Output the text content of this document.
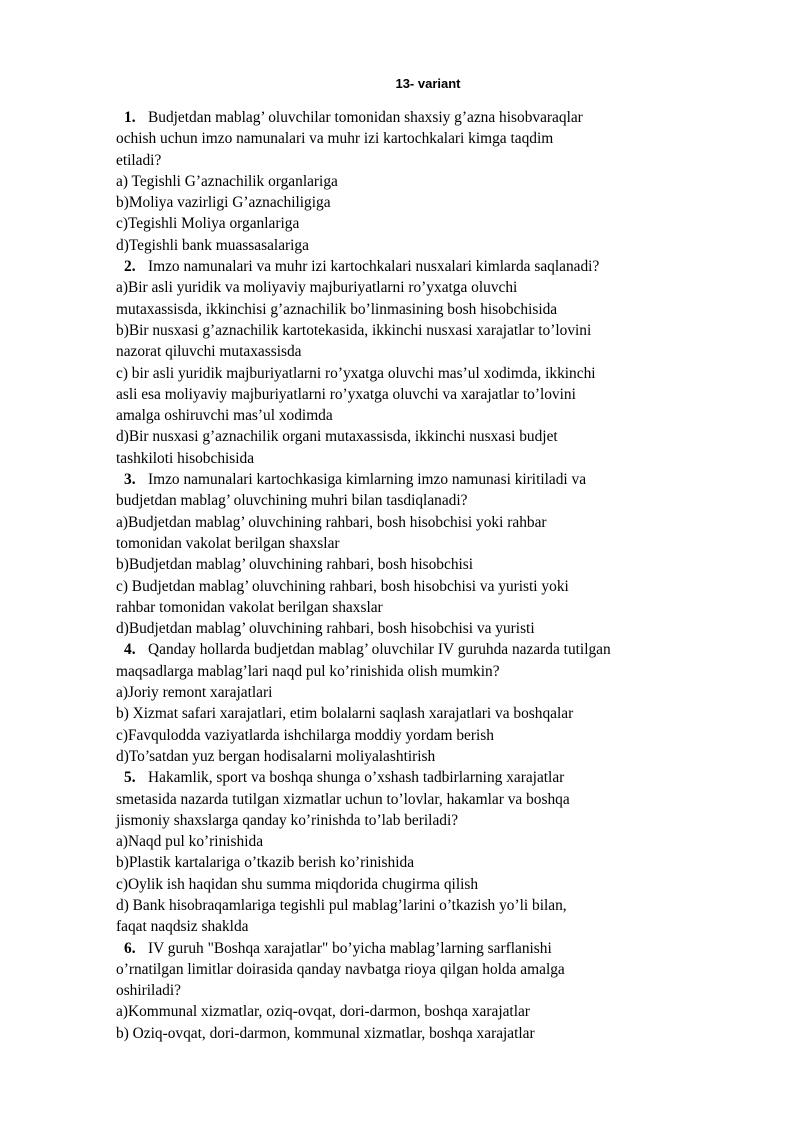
13- variant
1. Budjetdan mablag’ oluvchilar tomonidan shaxsiy g’azna hisobvaraqlar
ochish uchun imzo namunalari va muhr izi kartochkalari kimga taqdim
etiladi?
a) Tegishli G’aznachilik organlariga
b)Moliya vazirligi G’aznachiligiga
c)Tegishli Moliya organlariga
d)Tegishli bank muassasalariga
2. Imzo namunalari va muhr izi kartochkalari nusxalari kimlarda saqlanadi?
a)Bir asli yuridik va moliyaviy majburiyatlarni ro’yxatga oluvchi
mutaxassisda, ikkinchisi g’aznachilik bo’linmasining bosh hisobchisida
b)Bir nusxasi g’aznachilik kartotekasida, ikkinchi nusxasi xarajatlar to’lovini
nazorat qiluvchi mutaxassisda
c) bir asli yuridik majburiyatlarni ro’yxatga oluvchi mas’ul xodimda, ikkinchi
asli esa moliyaviy majburiyatlarni ro’yxatga oluvchi va xarajatlar to’lovini
amalga oshiruvchi mas’ul xodimda
d)Bir nusxasi g’aznachilik organi mutaxassisda, ikkinchi nusxasi budjet
tashkiloti hisobchisida
3. Imzo namunalari kartochkasiga kimlarning imzo namunasi kiritiladi va
budjetdan mablag’ oluvchining muhri bilan tasdiqlanadi?
a)Budjetdan mablag’ oluvchining rahbari, bosh hisobchisi yoki rahbar
tomonidan vakolat berilgan shaxslar
b)Budjetdan mablag’ oluvchining rahbari, bosh hisobchisi
c) Budjetdan mablag’ oluvchining rahbari, bosh hisobchisi va yuristi yoki
rahbar tomonidan vakolat berilgan shaxslar
d)Budjetdan mablag’ oluvchining rahbari, bosh hisobchisi va yuristi
4. Qanday hollarda budjetdan mablag’ oluvchilar IV guruhda nazarda tutilgan
maqsadlarga mablag’lari naqd pul ko’rinishida olish mumkin?
a)Joriy remont xarajatlari
b) Xizmat safari xarajatlari, etim bolalarni saqlash xarajatlari va boshqalar
c)Favqulodda vaziyatlarda ishchilarga moddiy yordam berish
d)To’satdan yuz bergan hodisalarni moliyalashtirish
5. Hakamlik, sport va boshqa shunga o’xshash tadbirlarning xarajatlar
smetasida nazarda tutilgan xizmatlar uchun to’lovlar, hakamlar va boshqa
jismoniy shaxslarga qanday ko’rinishda to’lab beriladi?
a)Naqd pul ko’rinishida
b)Plastik kartalariga o’tkazib berish ko’rinishida
c)Oylik ish haqidan shu summa miqdorida chugirma qilish
d) Bank hisobraqamlariga tegishli pul mablag’larini o’tkazish yo’li bilan,
faqat naqdsiz shaklda
6. IV guruh "Boshqa xarajatlar" bo’yicha mablag’larning sarflanishi
o’rnatilgan limitlar doirasida qanday navbatga rioya qilgan holda amalga
oshiriladi?
a)Kommunal xizmatlar, oziq-ovqat, dori-darmon, boshqa xarajatlar
b) Oziq-ovqat, dori-darmon, kommunal xizmatlar, boshqa xarajatlar
